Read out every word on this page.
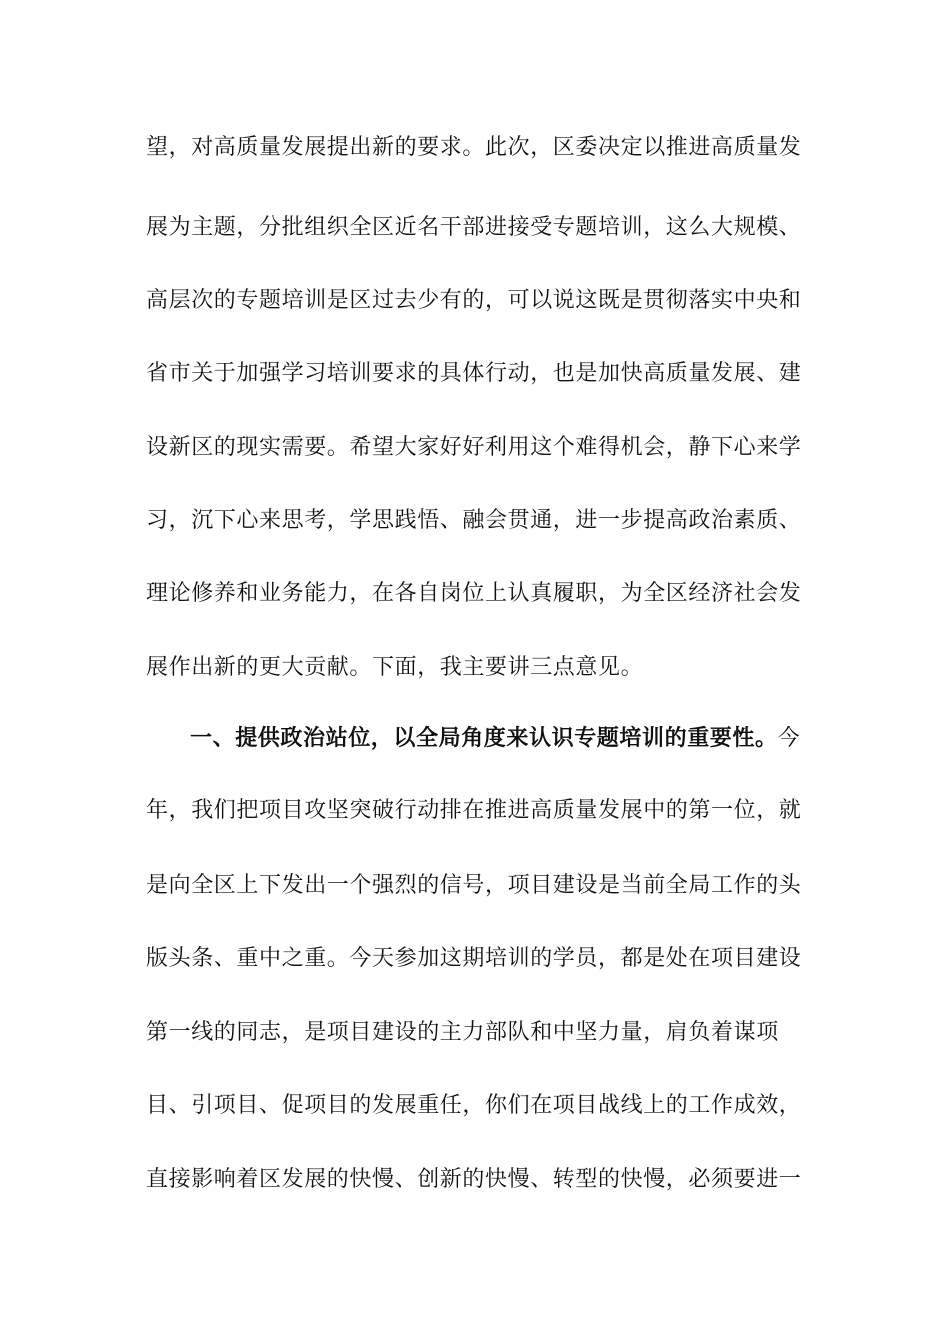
望，对高质量发展提出新的要求。此次，区委决定以推进高质量发
展为主题，分批组织全区近名干部进接受专题培训，这么大规模、
高层次的专题培训是区过去少有的，可以说这既是贯彻落实中央和
省市关于加强学习培训要求的具体行动，也是加快高质量发展、建
设新区的现实需要。希望大家好好利用这个难得机会，静下心来学
习，沉下心来思考，学思践悟、融会贯通，进一步提高政治素质、
理论修养和业务能力，在各自岗位上认真履职，为全区经济社会发
展作出新的更大贡献。下面，我主要讲三点意见。
一、提供政治站位，以全局角度来认识专题培训的重要性。今
年，我们把项目攻坚突破行动排在推进高质量发展中的第一位，就
是向全区上下发出一个强烈的信号，项目建设是当前全局工作的头
版头条、重中之重。今天参加这期培训的学员，都是处在项目建设
第一线的同志，是项目建设的主力部队和中坚力量，肩负着谋项
目、引项目、促项目的发展重任，你们在项目战线上的工作成效，
直接影响着区发展的快慢、创新的快慢、转型的快慢，必须要进一
